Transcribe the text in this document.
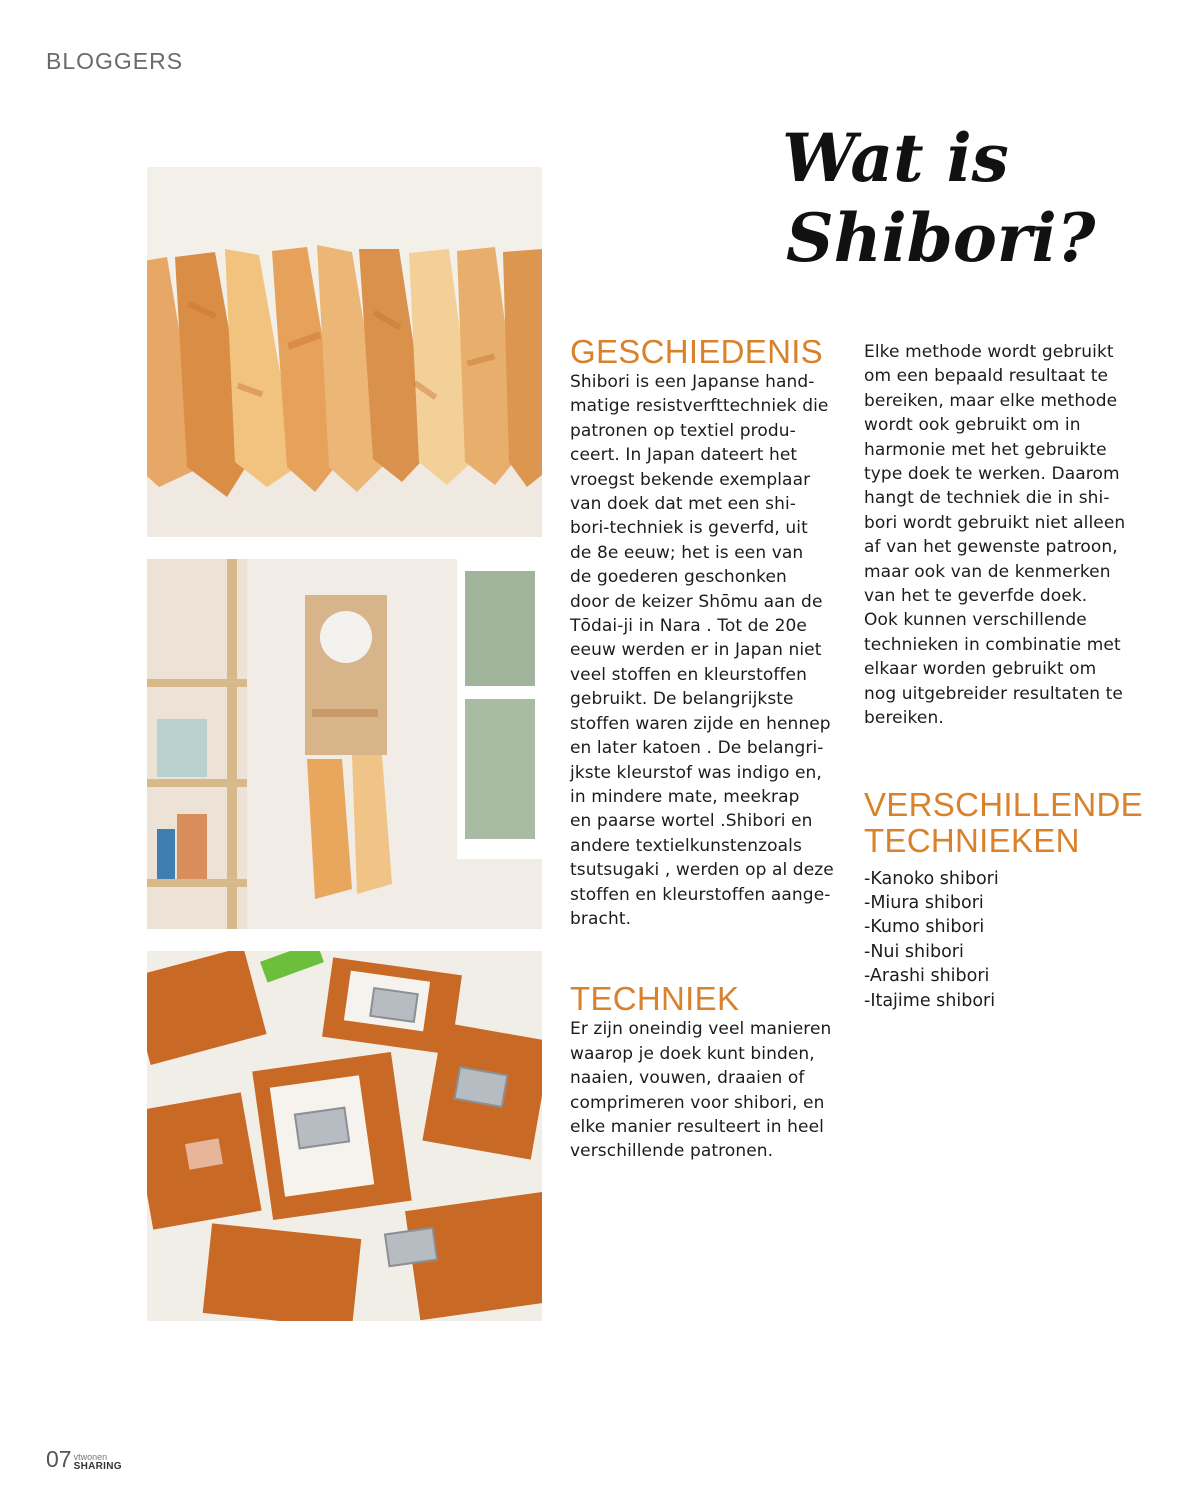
BLOGGERS
Wat is
Shibori?
GESCHIEDENIS

Shibori is een Japanse hand-
matige resistverfttechniek die
patronen op textiel produ-
ceert. In Japan dateert het
vroegst bekende exemplaar
van doek dat met een shi-
bori-techniek is geverfd, uit
de 8e eeuw; het is een van
de goederen geschonken
door de keizer Shōmu aan de
Tōdai-ji in Nara . Tot de 20e
eeuw werden er in Japan niet
veel stoffen en kleurstoffen
gebruikt. De belangrijkste
stoffen waren zijde en hennep
en later katoen . De belangri-
jkste kleurstof was indigo en,
in mindere mate, meekrap
en paarse wortel .Shibori en
andere textielkunstenzoals
tsutsugaki , werden op al deze
stoffen en kleurstoffen aange-
bracht.

TECHNIEK

Er zijn oneindig veel manieren
waarop je doek kunt binden,
naaien, vouwen, draaien of
comprimeren voor shibori, en
elke manier resulteert in heel
verschillende patronen.

Elke methode wordt gebruikt
om een bepaald resultaat te
bereiken, maar elke methode
wordt ook gebruikt om in
harmonie met het gebruikte
type doek te werken. Daarom
hangt de techniek die in shi-
bori wordt gebruikt niet alleen
af van het gewenste patroon,
maar ook van de kenmerken
van het te geverfde doek.
Ook kunnen verschillende
technieken in combinatie met
elkaar worden gebruikt om
nog uitgebreider resultaten te
bereiken.

VERSCHILLENDE
TECHNIEKEN
-Kanoko shibori
-Miura shibori
-Kumo shibori
-Nui shibori
-Arashi shibori
-Itajime shibori
07 vtwonen
SHARING
